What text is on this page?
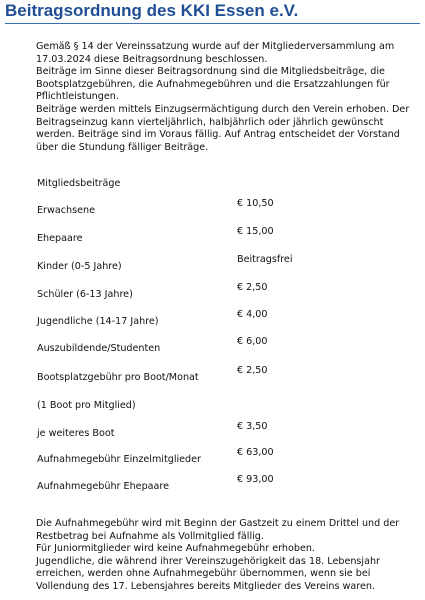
Beitragsordnung des KKI Essen e.V.

Gemäß § 14 der Vereinssatzung wurde auf der Mitgliederversammlung am 17.03.2024 diese Beitragsordnung beschlossen.

Beiträge im Sinne dieser Beitragsordnung sind die Mitgliedsbeiträge, die Bootsplatzgebühren, die Aufnahmegebühren und die Ersatzzahlungen für Pflichtleistungen.

Beiträge werden mittels Einzugsermächtigung durch den Verein erhoben. Der Beitragseinzug kann vierteljährlich, halbjährlich oder jährlich gewünscht werden. Beiträge sind im Voraus fällig. Auf Antrag entscheidet der Vorstand über die Stundung fälliger Beiträge.

Mitgliedsbeiträge
Erwachsene
€ 10,50
Ehepaare
€ 15,00
Kinder (0-5 Jahre)
Beitragsfrei
Schüler (6-13 Jahre)
€ 2,50
Jugendliche (14-17 Jahre)
€ 4,00
Auszubildende/Studenten
€ 6,00
Bootsplatzgebühr pro Boot/Monat
€ 2,50
(1 Boot pro Mitglied)
je weiteres Boot
€ 3,50
Aufnahmegebühr Einzelmitglieder
€ 63,00
Aufnahmegebühr Ehepaare
€ 93,00

Die Aufnahmegebühr wird mit Beginn der Gastzeit zu einem Drittel und der Restbetrag bei Aufnahme als Vollmitglied fällig.

Für Juniormitglieder wird keine Aufnahmegebühr erhoben.

Jugendliche, die während ihrer Vereinszugehörigkeit das 18. Lebensjahr erreichen, werden ohne Aufnahmegebühr übernommen, wenn sie bei Vollendung des 17. Lebensjahres bereits Mitglieder des Vereins waren.
